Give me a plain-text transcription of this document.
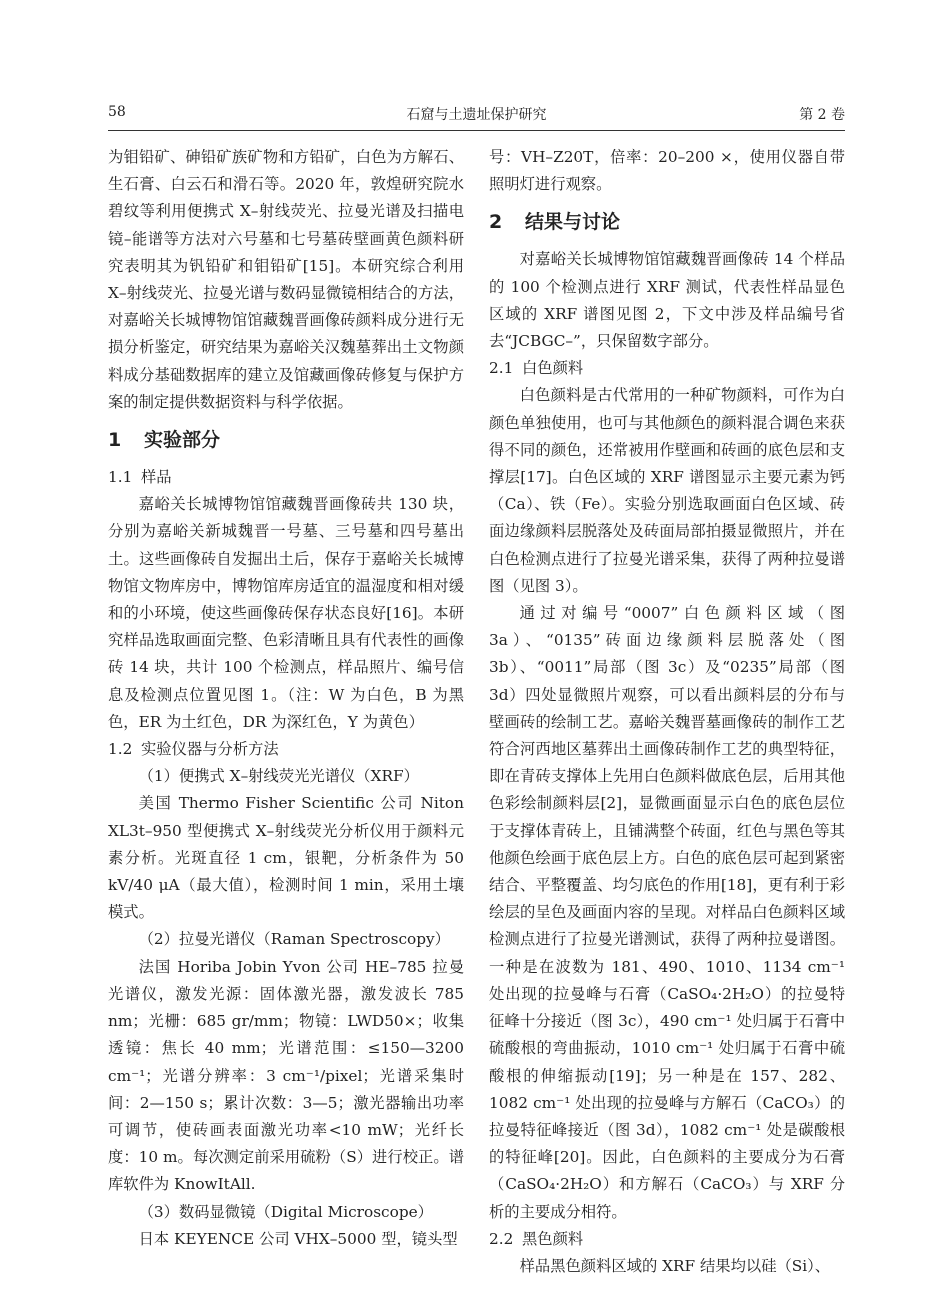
58	石窟与土遗址保护研究	第 2 卷

为钼铅矿、砷铅矿族矿物和方铅矿，白色为方解石、生石膏、白云石和滑石等。2020 年，敦煌研究院水碧纹等利用便携式 X–射线荧光、拉曼光谱及扫描电镜–能谱等方法对六号墓和七号墓砖壁画黄色颜料研究表明其为钒铅矿和钼铅矿[15]。本研究综合利用 X–射线荧光、拉曼光谱与数码显微镜相结合的方法，对嘉峪关长城博物馆馆藏魏晋画像砖颜料成分进行无损分析鉴定，研究结果为嘉峪关汉魏墓葬出土文物颜料成分基础数据库的建立及馆藏画像砖修复与保护方案的制定提供数据资料与科学依据。

1 实验部分
1.1 样品

嘉峪关长城博物馆馆藏魏晋画像砖共 130 块，分别为嘉峪关新城魏晋一号墓、三号墓和四号墓出土。这些画像砖自发掘出土后，保存于嘉峪关长城博物馆文物库房中，博物馆库房适宜的温湿度和相对缓和的小环境，使这些画像砖保存状态良好[16]。本研究样品选取画面完整、色彩清晰且具有代表性的画像砖 14 块，共计 100 个检测点，样品照片、编号信息及检测点位置见图 1。（注：W 为白色，B 为黑色，ER 为土红色，DR 为深红色，Y 为黄色）

1.2 实验仪器与分析方法

（1）便携式 X–射线荧光光谱仪（XRF）

美国 Thermo Fisher Scientific 公司 Niton XL3t–950 型便携式 X–射线荧光分析仪用于颜料元素分析。光斑直径 1 cm，银靶，分析条件为 50 kV/40 μA（最大值），检测时间 1 min，采用土壤模式。

（2）拉曼光谱仪（Raman Spectroscopy）

法国 Horiba Jobin Yvon 公司 HE–785 拉曼光谱仪，激发光源：固体激光器，激发波长 785 nm；光栅：685 gr/mm；物镜：LWD50×；收集透镜：焦长 40 mm；光谱范围：≤150—3200 cm⁻¹；光谱分辨率：3 cm⁻¹/pixel；光谱采集时间：2—150 s；累计次数：3—5；激光器输出功率可调节，使砖画表面激光功率<10 mW；光纤长度：10 m。每次测定前采用硫粉（S）进行校正。谱库软件为 KnowItAll.

（3）数码显微镜（Digital Microscope）

日本 KEYENCE 公司 VHX–5000 型，镜头型

号：VH–Z20T，倍率：20–200 ×，使用仪器自带照明灯进行观察。

2 结果与讨论

对嘉峪关长城博物馆馆藏魏晋画像砖 14 个样品的 100 个检测点进行 XRF 测试，代表性样品显色区域的 XRF 谱图见图 2，下文中涉及样品编号省去“JCBGC–”，只保留数字部分。

2.1 白色颜料

白色颜料是古代常用的一种矿物颜料，可作为白颜色单独使用，也可与其他颜色的颜料混合调色来获得不同的颜色，还常被用作壁画和砖画的底色层和支撑层[17]。白色区域的 XRF 谱图显示主要元素为钙（Ca）、铁（Fe）。实验分别选取画面白色区域、砖面边缘颜料层脱落处及砖面局部拍摄显微照片，并在白色检测点进行了拉曼光谱采集，获得了两种拉曼谱图（见图 3）。

通过对编号“0007”白色颜料区域（图 3a）、“0135”砖面边缘颜料层脱落处（图 3b）、“0011”局部（图 3c）及“0235”局部（图 3d）四处显微照片观察，可以看出颜料层的分布与壁画砖的绘制工艺。嘉峪关魏晋墓画像砖的制作工艺符合河西地区墓葬出土画像砖制作工艺的典型特征，即在青砖支撑体上先用白色颜料做底色层，后用其他色彩绘制颜料层[2]，显微画面显示白色的底色层位于支撑体青砖上，且铺满整个砖面，红色与黑色等其他颜色绘画于底色层上方。白色的底色层可起到紧密结合、平整覆盖、均匀底色的作用[18]，更有利于彩绘层的呈色及画面内容的呈现。对样品白色颜料区域检测点进行了拉曼光谱测试，获得了两种拉曼谱图。一种是在波数为 181、490、1010、1134 cm⁻¹ 处出现的拉曼峰与石膏（CaSO₄·2H₂O）的拉曼特征峰十分接近（图 3c），490 cm⁻¹ 处归属于石膏中硫酸根的弯曲振动，1010 cm⁻¹ 处归属于石膏中硫酸根的伸缩振动[19]；另一种是在 157、282、1082 cm⁻¹ 处出现的拉曼峰与方解石（CaCO₃）的拉曼特征峰接近（图 3d），1082 cm⁻¹ 处是碳酸根的特征峰[20]。因此，白色颜料的主要成分为石膏（CaSO₄·2H₂O）和方解石（CaCO₃）与 XRF 分析的主要成分相符。

2.2 黑色颜料

样品黑色颜料区域的 XRF 结果均以硅（Si）、
